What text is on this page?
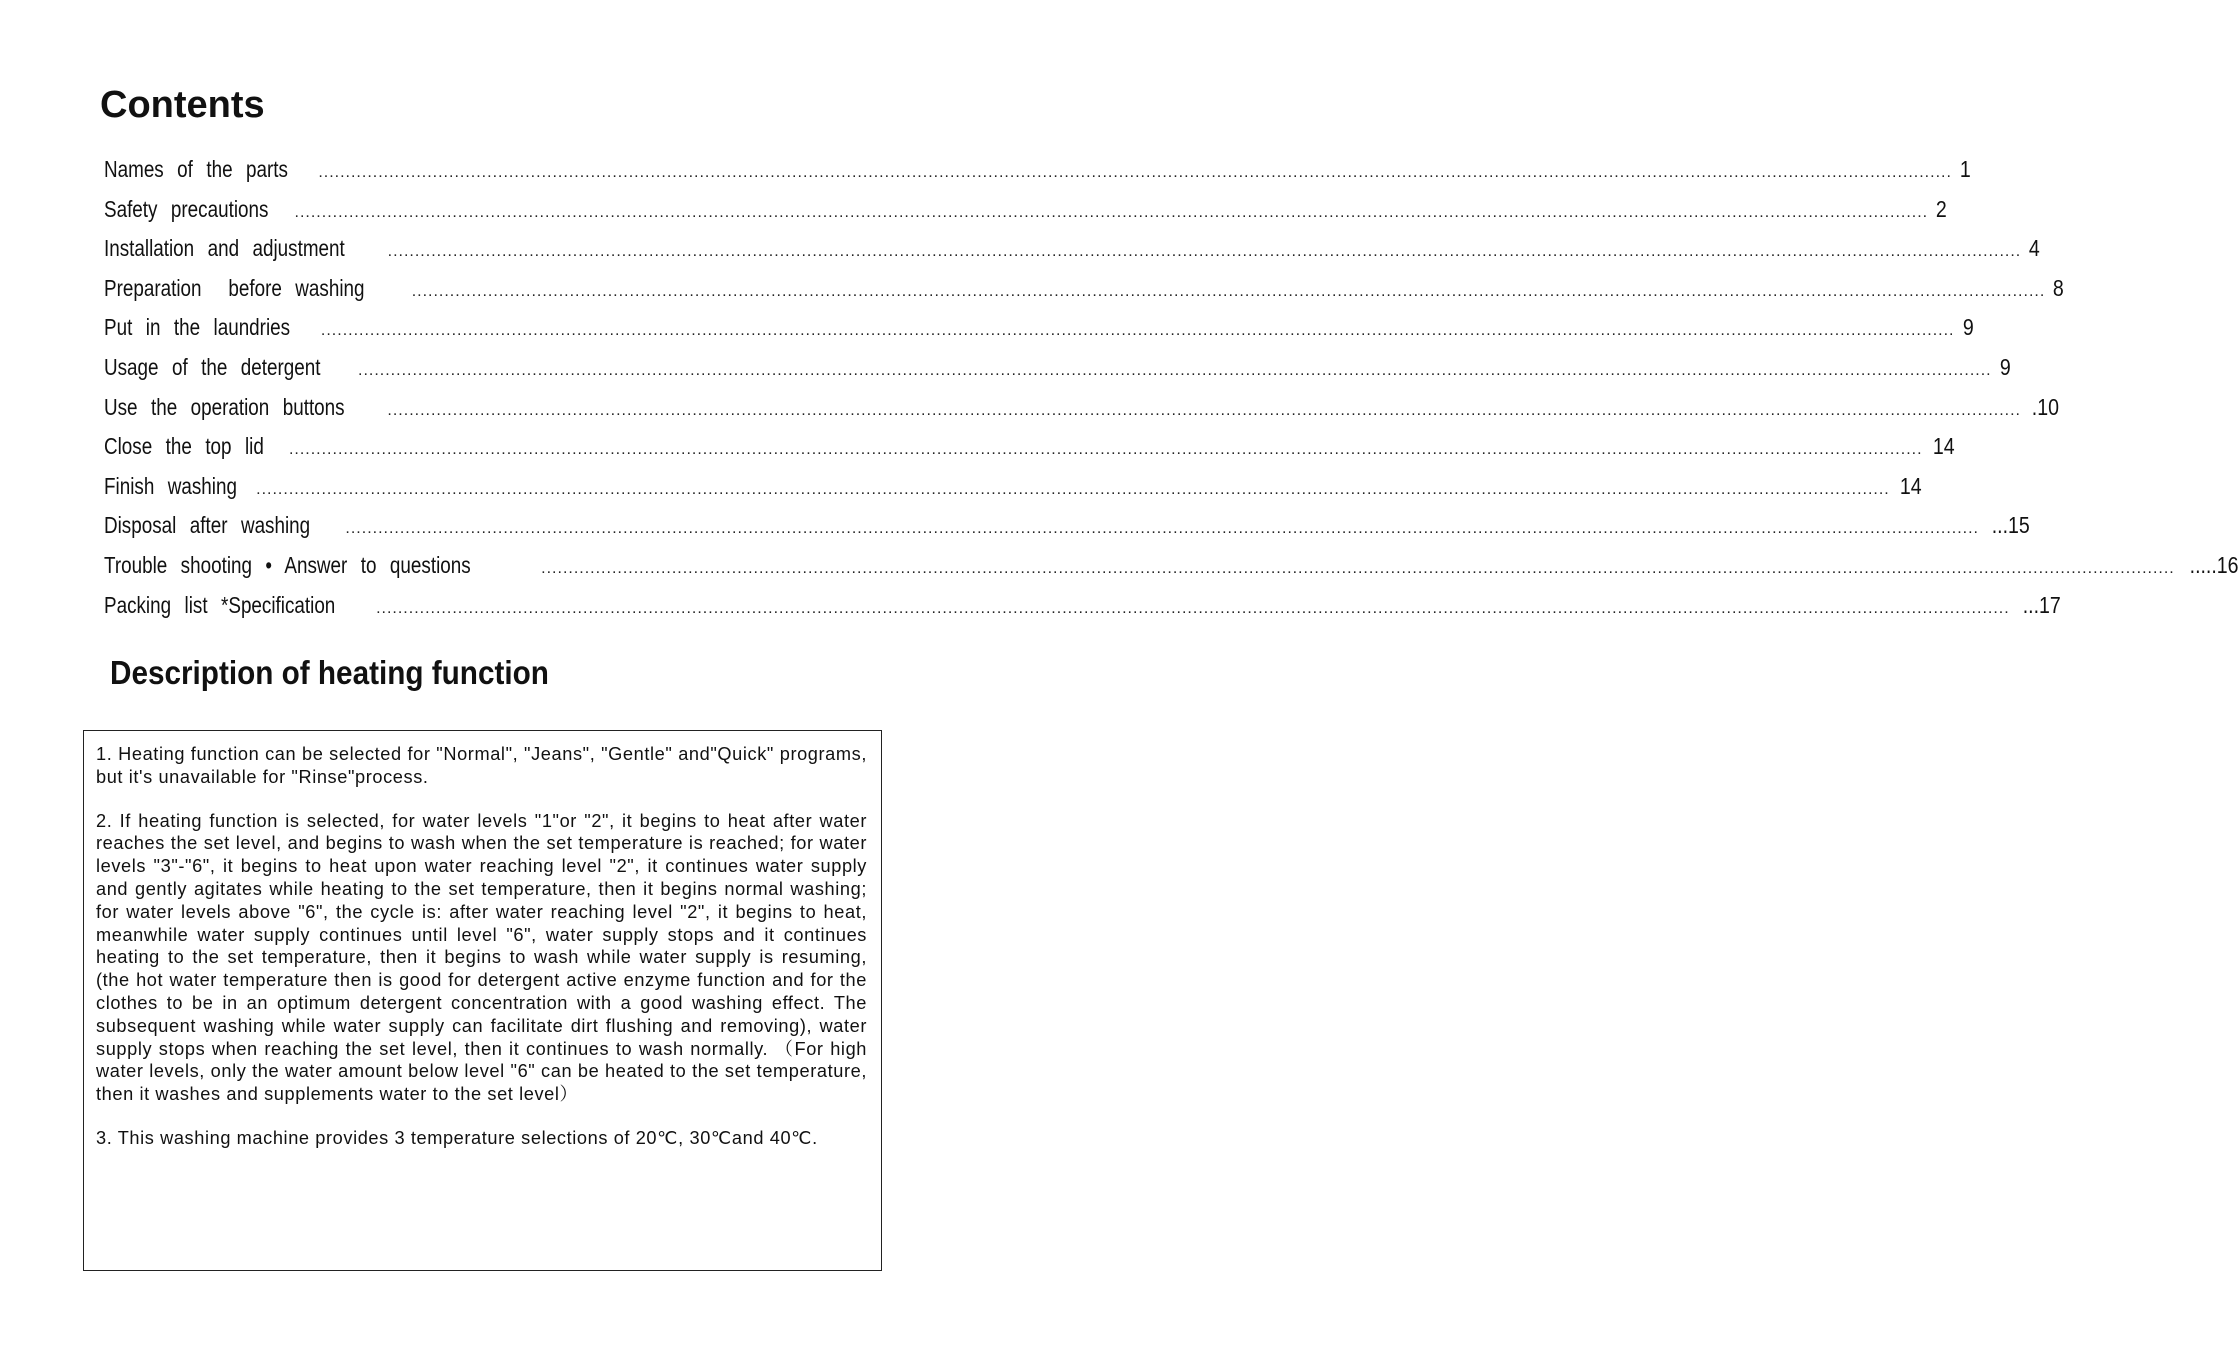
Contents
Names of the parts ............................................................................................................................................................................................................................................................................................................ 1
Safety precautions ............................................................................................................................................................................................................................................................................................................ 2
Installation and adjustment	............................................................................................................................................................................................................................................................................................................ 4
Preparation  before washing	............................................................................................................................................................................................................................................................................................................ 8
Put in the laundries ............................................................................................................................................................................................................................................................................................................ 9
Usage of the detergent ............................................................................................................................................................................................................................................................................................................ 9
Use the operation buttons	............................................................................................................................................................................................................................................................................................................ .10
Close the top lid ............................................................................................................................................................................................................................................................................................................ 14
Finish washing ............................................................................................................................................................................................................................................................................................................ 14
Disposal after washing ............................................................................................................................................................................................................................................................................................................ ...15
Trouble shooting • Answer to questions	............................................................................................................................................................................................................................................................................................................ .....16
Packing list *Specification	............................................................................................................................................................................................................................................................................................................ ...17
Description of heating function

1. Heating function can be selected for "Normal", "Jeans", "Gentle" and"Quick" programs, but it's unavailable for "Rinse"process.

2. If heating function is selected, for water levels "1"or "2", it begins to heat after water reaches the set level, and begins to wash when the set temperature is reached; for water levels "3"-"6", it begins to heat upon water reaching level "2", it continues water supply and gently agitates while heating to the set temperature, then it begins normal washing; for water levels above "6", the cycle is: after water reaching level "2", it begins to heat, meanwhile water supply continues until level "6", water supply stops and it continues heating to the set temperature, then it begins to wash while water supply is resuming, (the hot water temperature then is good for detergent active enzyme function and for the clothes to be in an optimum detergent concentration with a good washing effect. The subsequent washing while water supply can facilitate dirt flushing and removing), water supply stops when reaching the set level, then it continues to wash normally. （For high water levels, only the water amount below level "6" can be heated to the set temperature, then it washes and supplements water to the set level）

3. This washing machine provides 3 temperature selections of 20℃, 30℃and 40℃.
